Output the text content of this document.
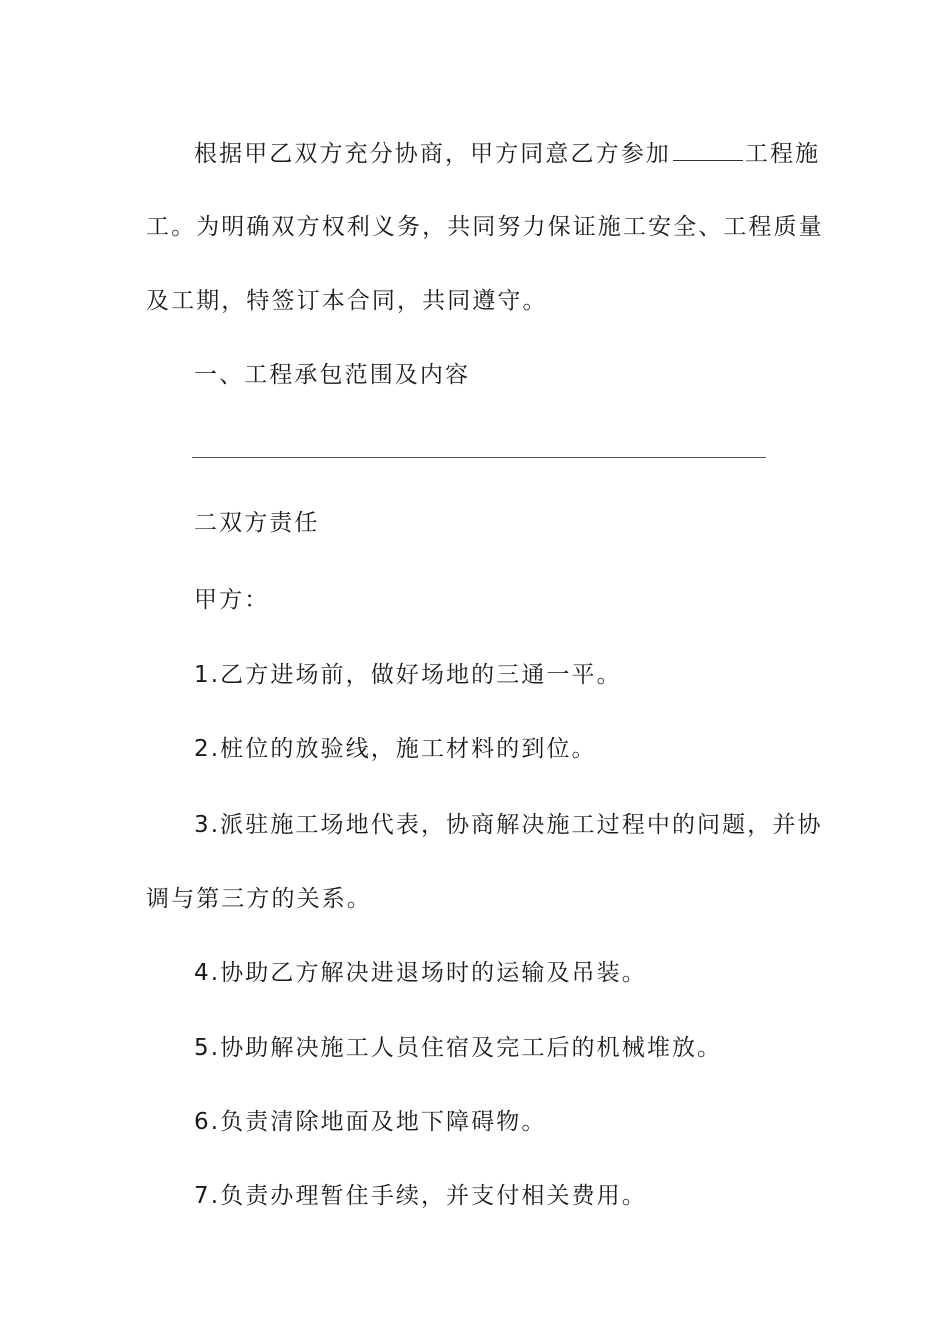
根据甲乙双方充分协商，甲方同意乙方参加	工程施
工。为明确双方权利义务，共同努力保证施工安全、工程质量
及工期，特签订本合同，共同遵守。
一、工程承包范围及内容
二双方责任
甲方：
1.乙方进场前，做好场地的三通一平。
2.桩位的放验线，施工材料的到位。
3.派驻施工场地代表，协商解决施工过程中的问题，并协
调与第三方的关系。
4.协助乙方解决进退场时的运输及吊装。
5.协助解决施工人员住宿及完工后的机械堆放。
6.负责清除地面及地下障碍物。
7.负责办理暂住手续，并支付相关费用。
